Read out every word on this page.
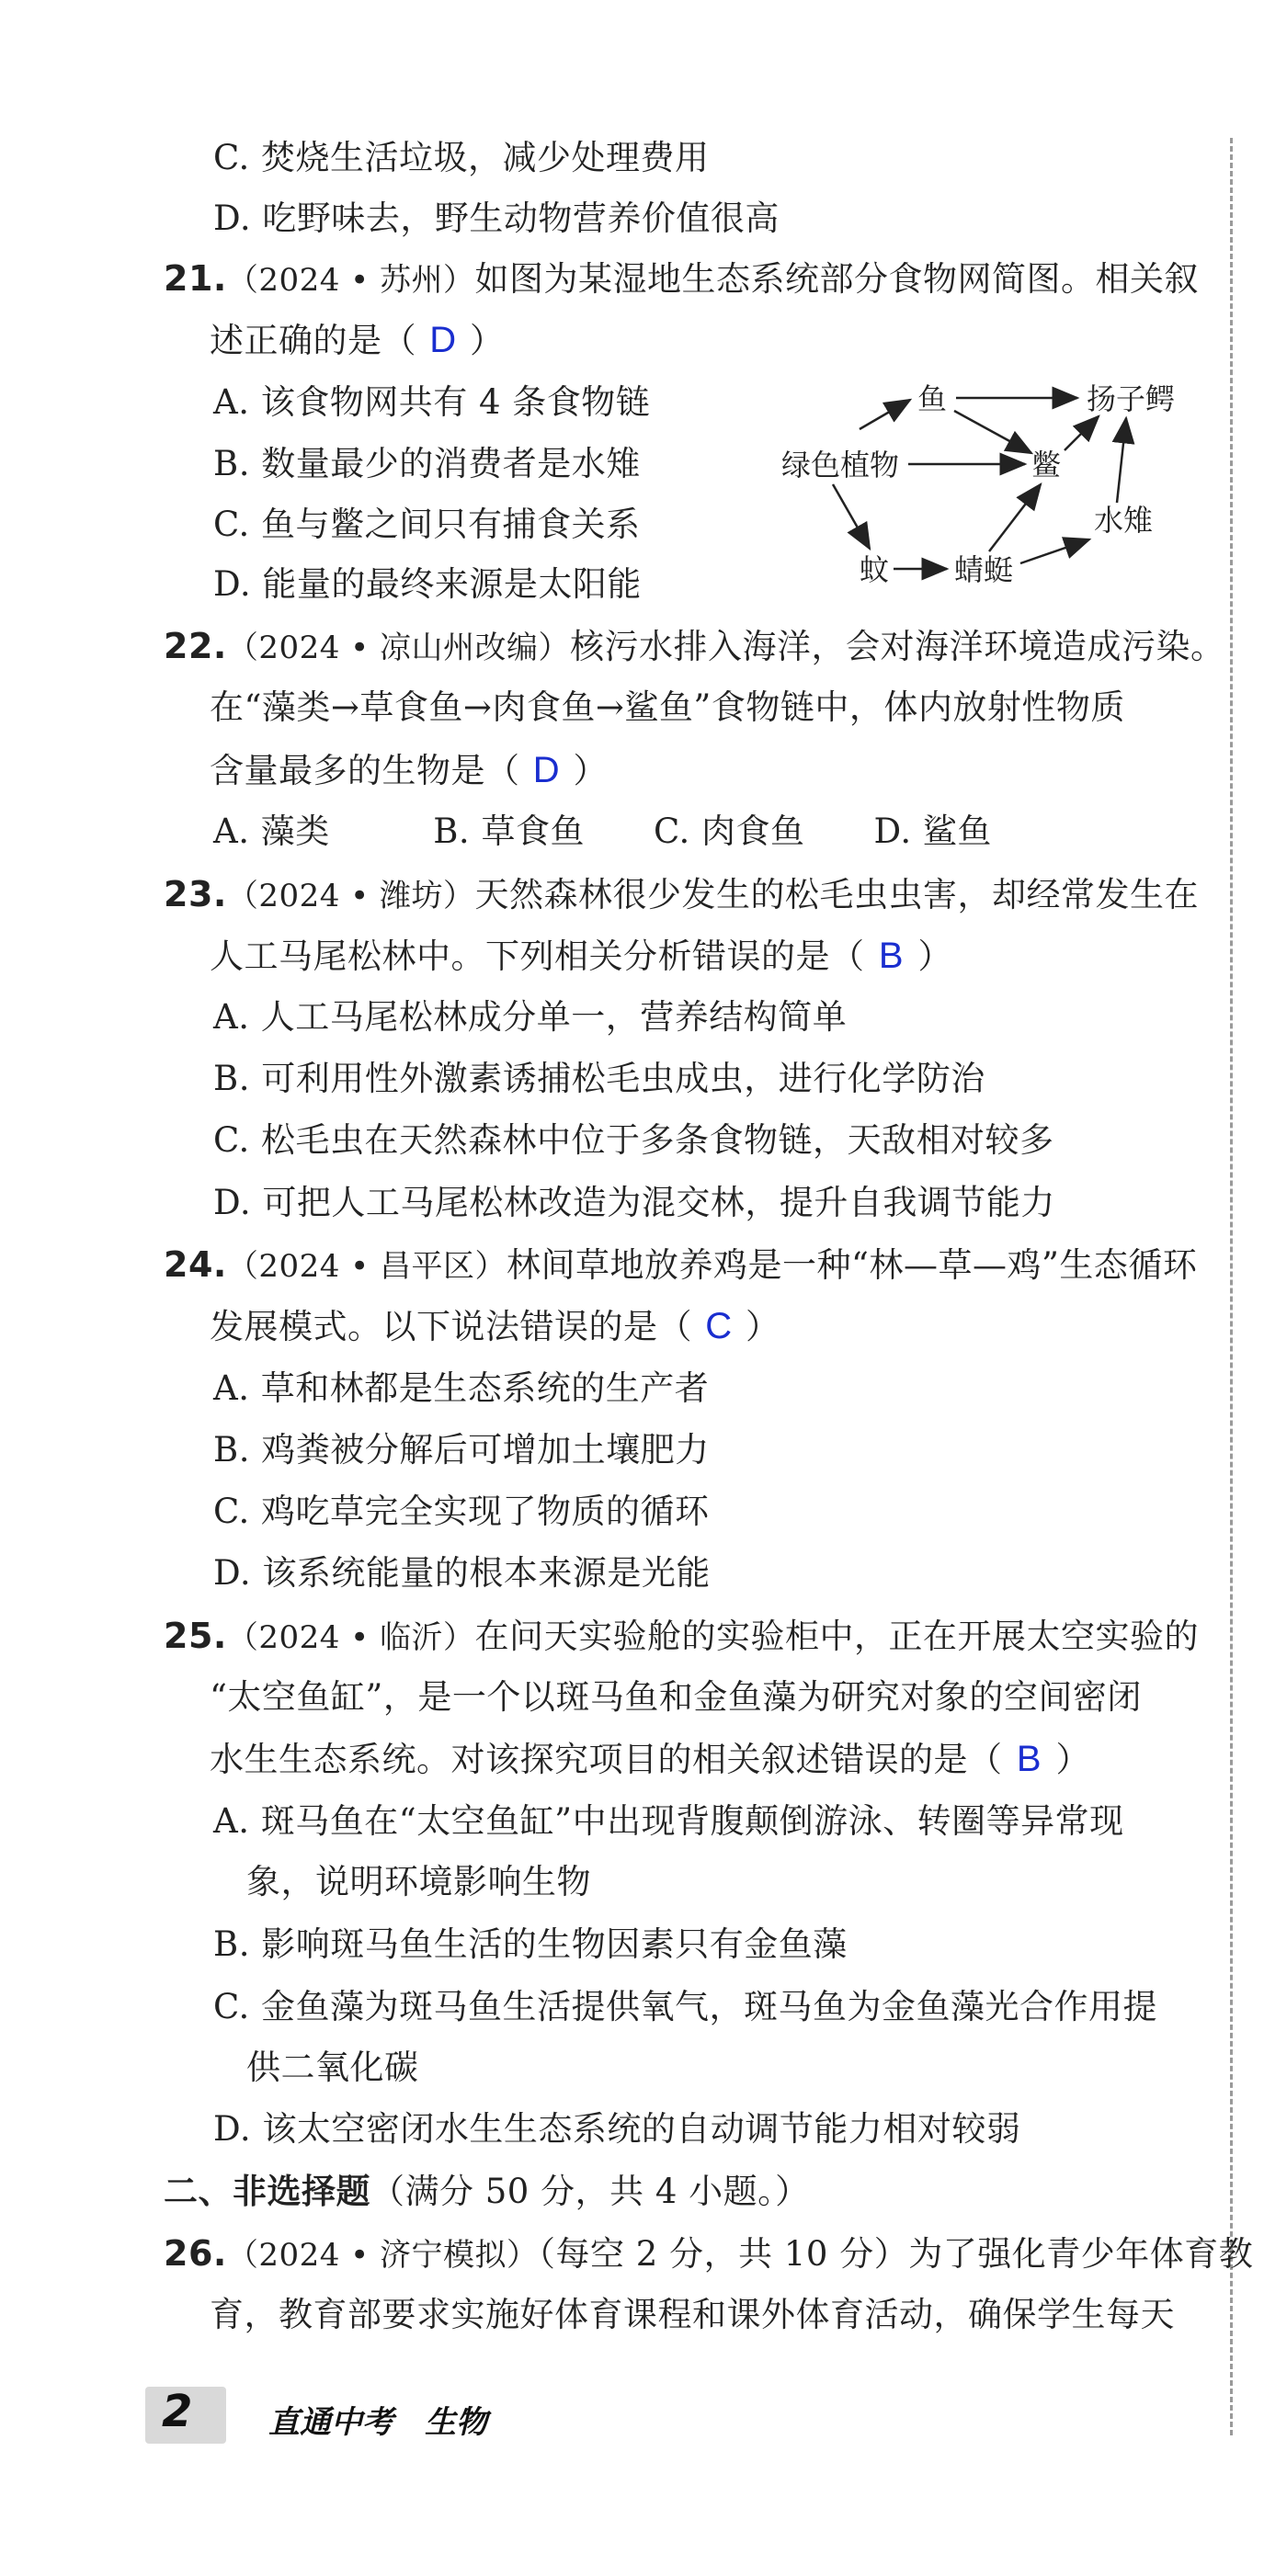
C. 焚烧生活垃圾，减少处理费用
D. 吃野味去，野生动物营养价值很高
21.（2024 • 苏州）如图为某湿地生态系统部分食物网简图。相关叙
述正确的是（ D ）
A. 该食物网共有 4 条食物链
B. 数量最少的消费者是水雉
C. 鱼与鳖之间只有捕食关系
D. 能量的最终来源是太阳能
22.（2024 • 凉山州改编）核污水排入海洋，会对海洋环境造成污染。
在“藻类→草食鱼→肉食鱼→鲨鱼”食物链中，体内放射性物质
含量最多的生物是（ D ）
A. 藻类　　　B. 草食鱼　　C. 肉食鱼　　D. 鲨鱼
23.（2024 • 潍坊）天然森林很少发生的松毛虫虫害，却经常发生在
人工马尾松林中。下列相关分析错误的是（ B ）
A. 人工马尾松林成分单一，营养结构简单
B. 可利用性外激素诱捕松毛虫成虫，进行化学防治
C. 松毛虫在天然森林中位于多条食物链，天敌相对较多
D. 可把人工马尾松林改造为混交林，提升自我调节能力
24.（2024 • 昌平区）林间草地放养鸡是一种“林—草—鸡”生态循环
发展模式。以下说法错误的是（ C ）
A. 草和林都是生态系统的生产者
B. 鸡粪被分解后可增加土壤肥力
C. 鸡吃草完全实现了物质的循环
D. 该系统能量的根本来源是光能
25.（2024 • 临沂）在问天实验舱的实验柜中，正在开展太空实验的
“太空鱼缸”，是一个以斑马鱼和金鱼藻为研究对象的空间密闭
水生生态系统。对该探究项目的相关叙述错误的是（ B ）
A. 斑马鱼在“太空鱼缸”中出现背腹颠倒游泳、转圈等异常现
象，说明环境影响生物
B. 影响斑马鱼生活的生物因素只有金鱼藻
C. 金鱼藻为斑马鱼生活提供氧气，斑马鱼为金鱼藻光合作用提
供二氧化碳
D. 该太空密闭水生生态系统的自动调节能力相对较弱
二、非选择题（满分 50 分，共 4 小题。）
26.（2024 • 济宁模拟）（每空 2 分，共 10 分）为了强化青少年体育教
育，教育部要求实施好体育课程和课外体育活动，确保学生每天
鱼	扬子鳄
绿色植物	鳖
水雉
蚊 蜻蜓
2 直通中考　生物
